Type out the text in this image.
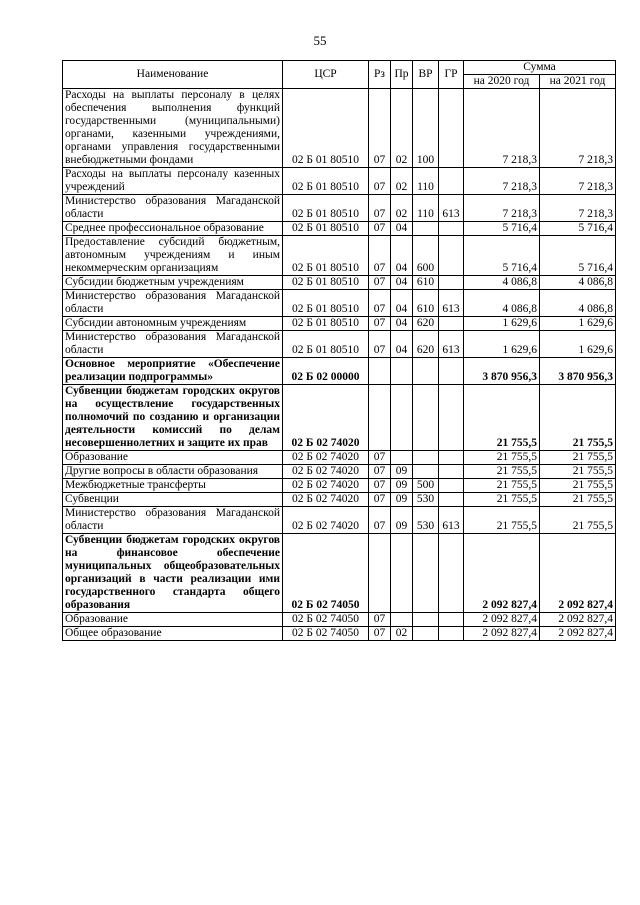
55
Наименование	ЦСР	Рз	Пр	ВР	ГР	Сумма	
						на 2020 год	на 2021 год
Расходы на выплаты персоналу в целях обеспечения выполнения функций государственными (муниципальными) органами, казенными учреждениями, органами управления государственными внебюджетными фондами	02 Б 01 80510	07	02	100		7 218,3	7 218,3
Расходы на выплаты персоналу казенных учреждений	02 Б 01 80510	07	02	110		7 218,3	7 218,3
Министерство образования Магаданской области	02 Б 01 80510	07	02	110	613	7 218,3	7 218,3
Среднее профессиональное образование	02 Б 01 80510	07	04			5 716,4	5 716,4
Предоставление субсидий бюджетным, автономным учреждениям и иным некоммерческим организациям	02 Б 01 80510	07	04	600		5 716,4	5 716,4
Субсидии бюджетным учреждениям	02 Б 01 80510	07	04	610		4 086,8	4 086,8
Министерство образования Магаданской области	02 Б 01 80510	07	04	610	613	4 086,8	4 086,8
Субсидии автономным учреждениям	02 Б 01 80510	07	04	620		1 629,6	1 629,6
Министерство образования Магаданской области	02 Б 01 80510	07	04	620	613	1 629,6	1 629,6
Основное мероприятие «Обеспечение реализации подпрограммы»	02 Б 02 00000					3 870 956,3	3 870 956,3
Субвенции бюджетам городских округов на осуществление государственных полномочий по созданию и организации деятельности комиссий по делам несовершеннолетних и защите их прав	02 Б 02 74020					21 755,5	21 755,5
Образование	02 Б 02 74020	07				21 755,5	21 755,5
Другие вопросы в области образования	02 Б 02 74020	07	09			21 755,5	21 755,5
Межбюджетные трансферты	02 Б 02 74020	07	09	500		21 755,5	21 755,5
Субвенции	02 Б 02 74020	07	09	530		21 755,5	21 755,5
Министерство образования Магаданской области	02 Б 02 74020	07	09	530	613	21 755,5	21 755,5
Субвенции бюджетам городских округов на финансовое обеспечение муниципальных общеобразовательных организаций в части реализации ими государственного стандарта общего образования	02 Б 02 74050					2 092 827,4	2 092 827,4
Образование	02 Б 02 74050	07				2 092 827,4	2 092 827,4
Общее образование	02 Б 02 74050	07	02			2 092 827,4	2 092 827,4
